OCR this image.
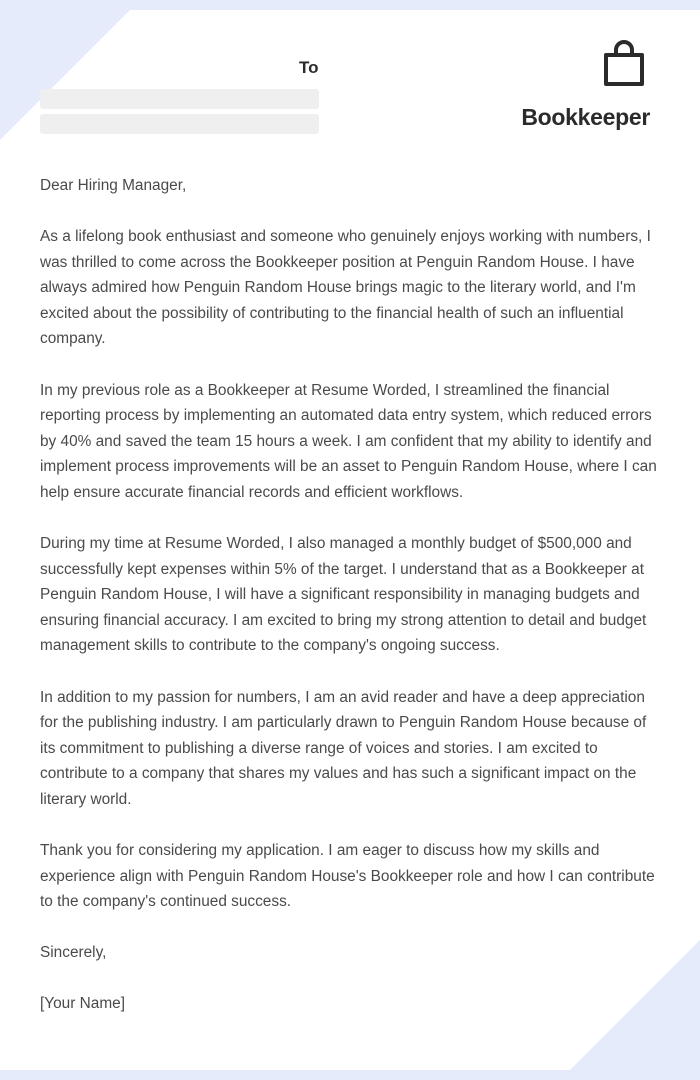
To
Bookkeeper

Dear Hiring Manager,

As a lifelong book enthusiast and someone who genuinely enjoys working with numbers, I was thrilled to come across the Bookkeeper position at Penguin Random House. I have always admired how Penguin Random House brings magic to the literary world, and I'm excited about the possibility of contributing to the financial health of such an influential company.

In my previous role as a Bookkeeper at Resume Worded, I streamlined the financial reporting process by implementing an automated data entry system, which reduced errors by 40% and saved the team 15 hours a week. I am confident that my ability to identify and implement process improvements will be an asset to Penguin Random House, where I can help ensure accurate financial records and efficient workflows.

During my time at Resume Worded, I also managed a monthly budget of $500,000 and successfully kept expenses within 5% of the target. I understand that as a Bookkeeper at Penguin Random House, I will have a significant responsibility in managing budgets and ensuring financial accuracy. I am excited to bring my strong attention to detail and budget management skills to contribute to the company's ongoing success.

In addition to my passion for numbers, I am an avid reader and have a deep appreciation for the publishing industry. I am particularly drawn to Penguin Random House because of its commitment to publishing a diverse range of voices and stories. I am excited to contribute to a company that shares my values and has such a significant impact on the literary world.

Thank you for considering my application. I am eager to discuss how my skills and experience align with Penguin Random House's Bookkeeper role and how I can contribute to the company's continued success.

Sincerely,

[Your Name]
